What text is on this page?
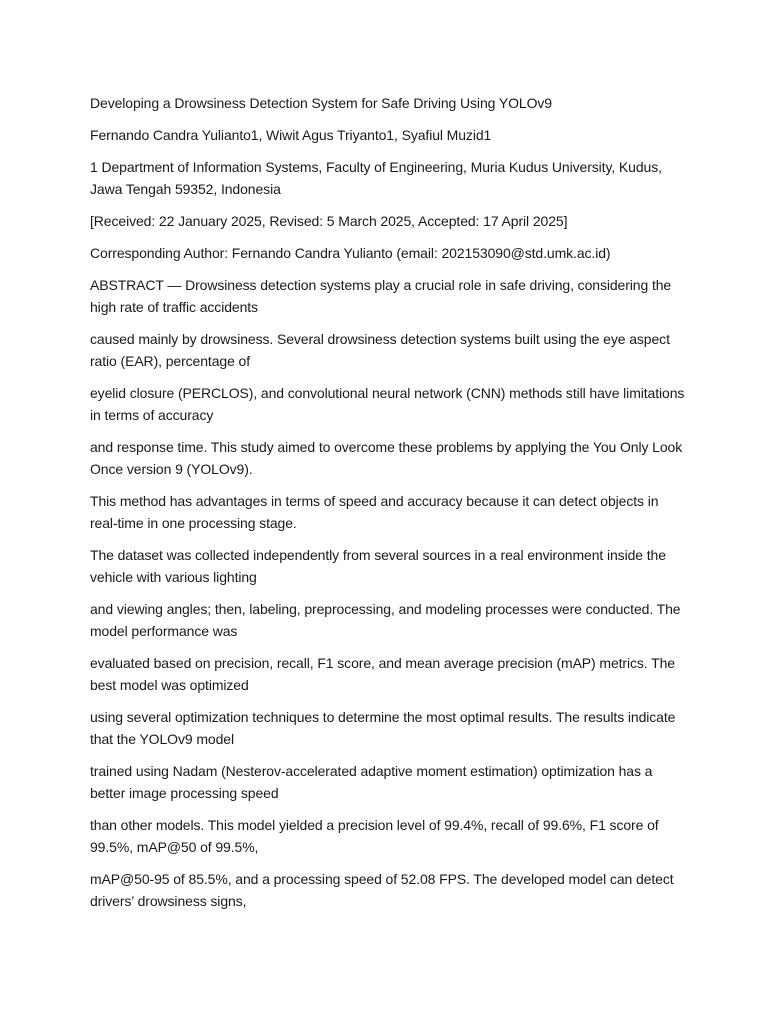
Developing a Drowsiness Detection System for Safe Driving Using YOLOv9

Fernando Candra Yulianto1, Wiwit Agus Triyanto1, Syafiul Muzid1

1 Department of Information Systems, Faculty of Engineering, Muria Kudus University, Kudus, Jawa Tengah 59352, Indonesia

[Received: 22 January 2025, Revised: 5 March 2025, Accepted: 17 April 2025]

Corresponding Author: Fernando Candra Yulianto (email: 202153090@std.umk.ac.id)

ABSTRACT — Drowsiness detection systems play a crucial role in safe driving, considering the high rate of traffic accidents

caused mainly by drowsiness. Several drowsiness detection systems built using the eye aspect ratio (EAR), percentage of

eyelid closure (PERCLOS), and convolutional neural network (CNN) methods still have limitations in terms of accuracy

and response time. This study aimed to overcome these problems by applying the You Only Look Once version 9 (YOLOv9).

This method has advantages in terms of speed and accuracy because it can detect objects in real-time in one processing stage.

The dataset was collected independently from several sources in a real environment inside the vehicle with various lighting

and viewing angles; then, labeling, preprocessing, and modeling processes were conducted. The model performance was

evaluated based on precision, recall, F1 score, and mean average precision (mAP) metrics. The best model was optimized

using several optimization techniques to determine the most optimal results. The results indicate that the YOLOv9 model

trained using Nadam (Nesterov-accelerated adaptive moment estimation) optimization has a better image processing speed

than other models. This model yielded a precision level of 99.4%, recall of 99.6%, F1 score of 99.5%, mAP@50 of 99.5%,

mAP@50-95 of 85.5%, and a processing speed of 52.08 FPS. The developed model can detect drivers’ drowsiness signs,
